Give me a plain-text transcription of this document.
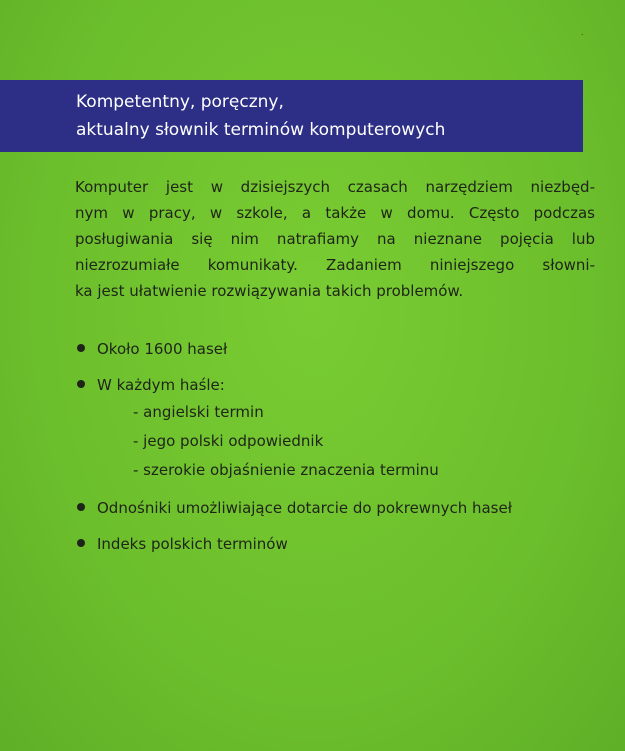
˙
Kompetentny, poręczny,
aktualny słownik terminów komputerowych
Komputer jest w dzisiejszych czasach narzędziem niezbęd-
nym w pracy, w szkole, a także w domu. Często podczas
posługiwania się nim natrafiamy na nieznane pojęcia lub
niezrozumiałe komunikaty. Zadaniem niniejszego słowni-
ka jest ułatwienie rozwiązywania takich problemów.
Około 1600 haseł
W każdym haśle:
- angielski termin
- jego polski odpowiednik
- szerokie objaśnienie znaczenia terminu
Odnośniki umożliwiające dotarcie do pokrewnych haseł
Indeks polskich terminów
